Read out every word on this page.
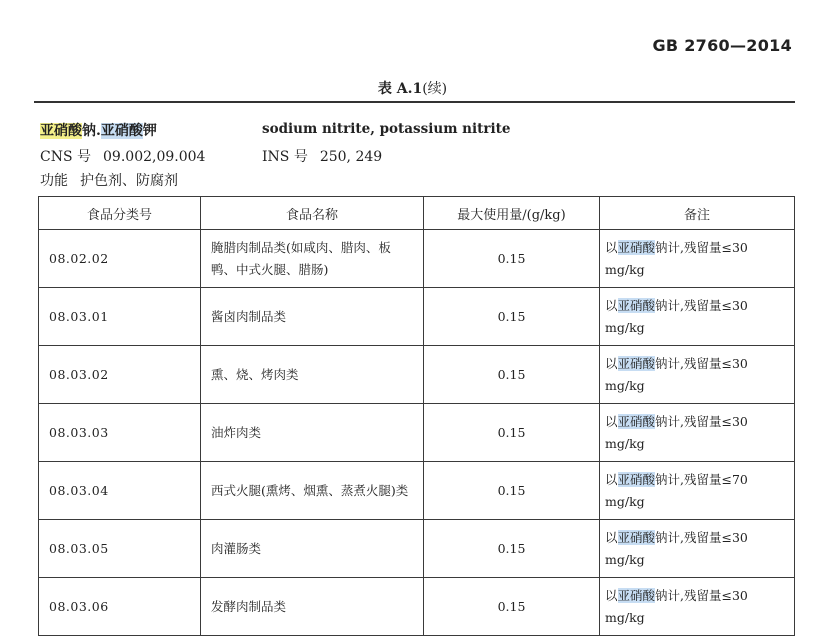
GB 2760—2014
表 A.1(续)
亚硝酸钠.亚硝酸钾	sodium nitrite, potassium nitrite
CNS 号 09.002,09.004	INS 号 250, 249
功能 护色剂、防腐剂
食品分类号	食品名称	最大使用量/(g/kg)	备注
08.02.02	腌腊肉制品类(如咸肉、腊肉、板鸭、中式火腿、腊肠)	0.15	以亚硝酸钠计,残留量≤30 mg/kg
08.03.01	酱卤肉制品类	0.15	以亚硝酸钠计,残留量≤30 mg/kg
08.03.02	熏、烧、烤肉类	0.15	以亚硝酸钠计,残留量≤30 mg/kg
08.03.03	油炸肉类	0.15	以亚硝酸钠计,残留量≤30 mg/kg
08.03.04	西式火腿(熏烤、烟熏、蒸煮火腿)类	0.15	以亚硝酸钠计,残留量≤70 mg/kg
08.03.05	肉灌肠类	0.15	以亚硝酸钠计,残留量≤30 mg/kg
08.03.06	发酵肉制品类	0.15	以亚硝酸钠计,残留量≤30 mg/kg
